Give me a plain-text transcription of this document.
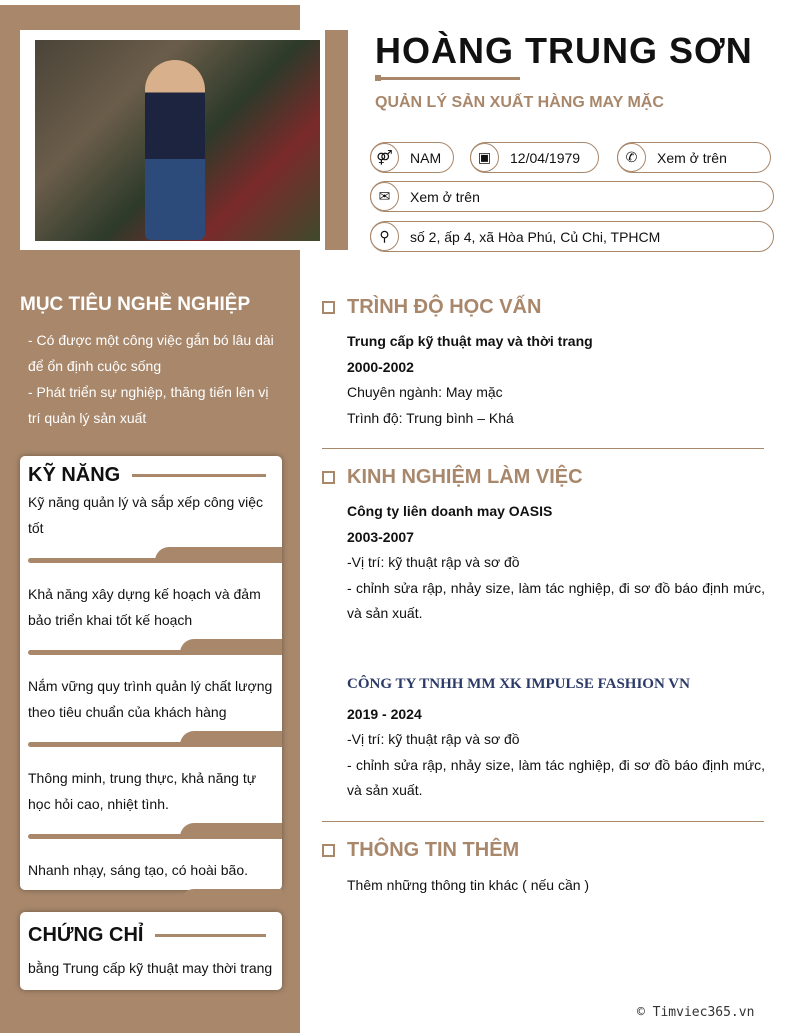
HOÀNG TRUNG SƠN
QUẢN LÝ SẢN XUẤT HÀNG MAY MẶC
⚤	NAM	▣	12/04/1979	✆	Xem ở trên
✉	Xem ở trên
⚲	số 2, ấp 4, xã Hòa Phú, Củ Chi, TPHCM
MỤC TIÊU NGHỀ NGHIỆP
- Có được một công việc gắn bó lâu dài để ổn định cuộc sống
- Phát triển sự nghiệp, thăng tiến lên vị trí quản lý sản xuất
KỸ NĂNG
Kỹ năng quản lý và sắp xếp công việc tốt
Khả năng xây dựng kế hoạch và đảm bảo triển khai tốt kế hoạch
Nắm vững quy trình quản lý chất lượng theo tiêu chuẩn của khách hàng
Thông minh, trung thực, khả năng tự học hỏi cao, nhiệt tình.
Nhanh nhạy, sáng tạo, có hoài bão.
CHỨNG CHỈ
bằng Trung cấp kỹ thuật may thời trang
TRÌNH ĐỘ HỌC VẤN
Trung cấp kỹ thuật may và thời trang
2000-2002
Chuyên ngành: May mặc
Trình độ: Trung bình – Khá
KINH NGHIỆM LÀM VIỆC
Công ty liên doanh may OASIS
2003-2007
-Vị trí: kỹ thuật rập và sơ đồ
- chỉnh sửa rập, nhảy size, làm tác nghiệp, đi sơ đồ báo định mức, và sản xuất.
CÔNG TY TNHH MM XK IMPULSE FASHION VN
2019 - 2024
-Vị trí: kỹ thuật rập và sơ đồ
- chỉnh sửa rập, nhảy size, làm tác nghiệp, đi sơ đồ báo định mức, và sản xuất.
THÔNG TIN THÊM
Thêm những thông tin khác ( nếu cần )
© Timviec365.vn
